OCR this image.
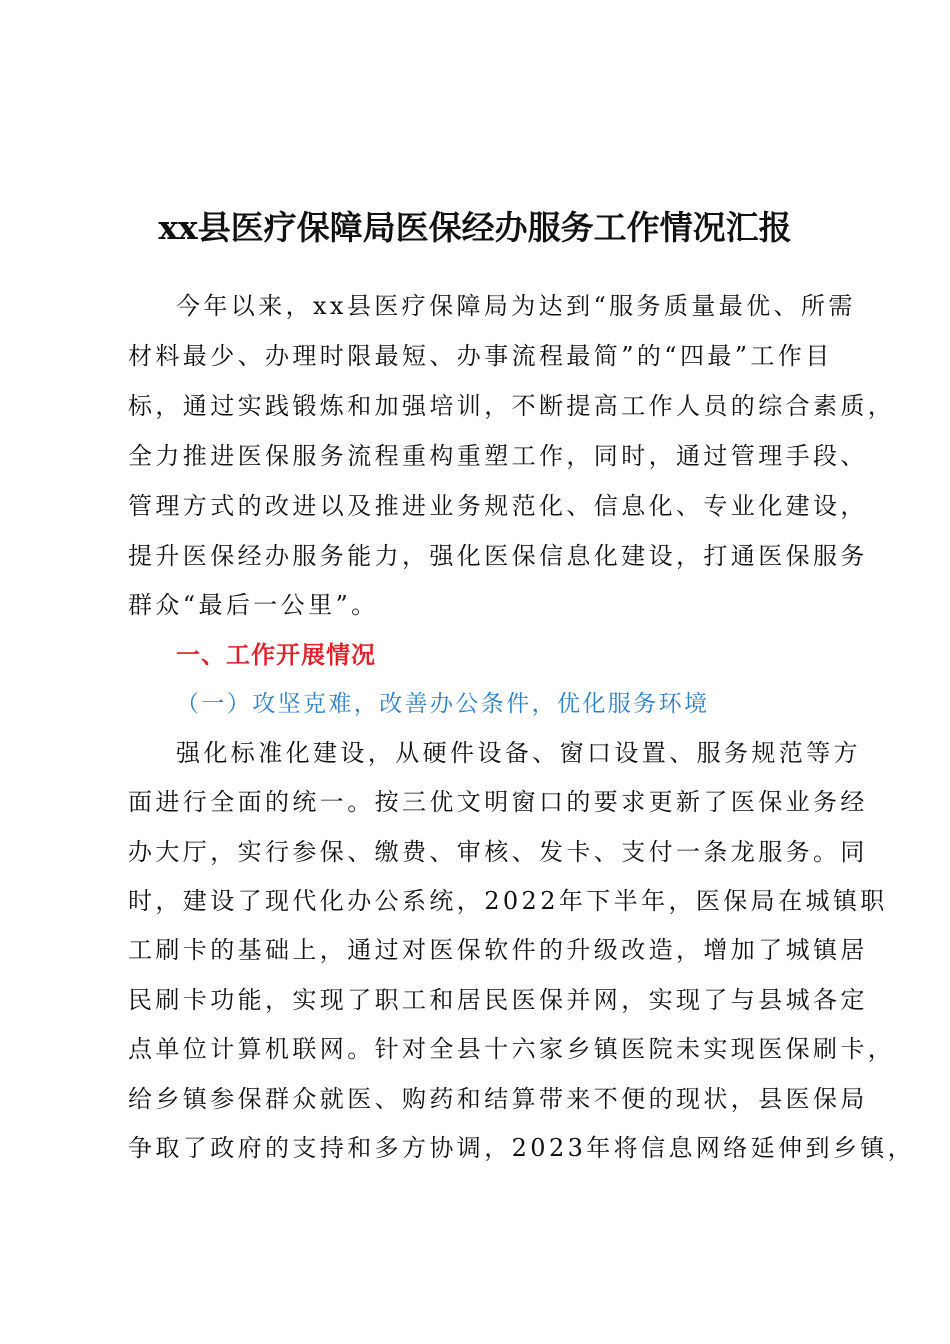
xx县医疗保障局医保经办服务工作情况汇报
今年以来，xx县医疗保障局为达到“服务质量最优、所需
材料最少、办理时限最短、办事流程最简”的“四最”工作目
标，通过实践锻炼和加强培训，不断提高工作人员的综合素质，
全力推进医保服务流程重构重塑工作，同时，通过管理手段、
管理方式的改进以及推进业务规范化、信息化、专业化建设，
提升医保经办服务能力，强化医保信息化建设，打通医保服务
群众“最后一公里”。
一、工作开展情况
（一）攻坚克难，改善办公条件，优化服务环境
强化标准化建设，从硬件设备、窗口设置、服务规范等方
面进行全面的统一。按三优文明窗口的要求更新了医保业务经
办大厅，实行参保、缴费、审核、发卡、支付一条龙服务。同
时，建设了现代化办公系统，2022年下半年，医保局在城镇职
工刷卡的基础上，通过对医保软件的升级改造，增加了城镇居
民刷卡功能，实现了职工和居民医保并网，实现了与县城各定
点单位计算机联网。针对全县十六家乡镇医院未实现医保刷卡，
给乡镇参保群众就医、购药和结算带来不便的现状，县医保局
争取了政府的支持和多方协调，2023年将信息网络延伸到乡镇，
